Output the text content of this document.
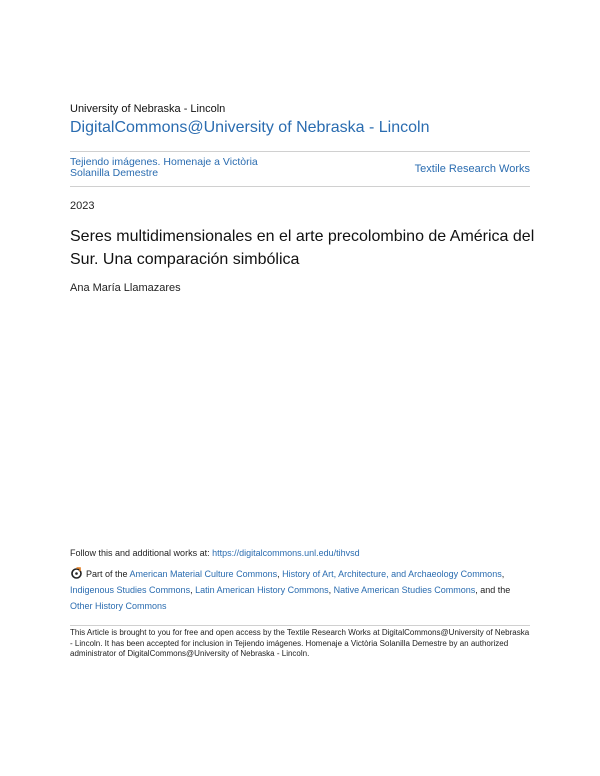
University of Nebraska - Lincoln
DigitalCommons@University of Nebraska - Lincoln
Tejiendo imágenes. Homenaje a Victòria Solanilla Demestre	Textile Research Works
2023
Seres multidimensionales en el arte precolombino de América del Sur. Una comparación simbólica
Ana María Llamazares
Follow this and additional works at: https://digitalcommons.unl.edu/tihvsd
Part of the American Material Culture Commons, History of Art, Architecture, and Archaeology Commons, Indigenous Studies Commons, Latin American History Commons, Native American Studies Commons, and the Other History Commons
This Article is brought to you for free and open access by the Textile Research Works at DigitalCommons@University of Nebraska - Lincoln. It has been accepted for inclusion in Tejiendo imágenes. Homenaje a Victòria Solanilla Demestre by an authorized administrator of DigitalCommons@University of Nebraska - Lincoln.
